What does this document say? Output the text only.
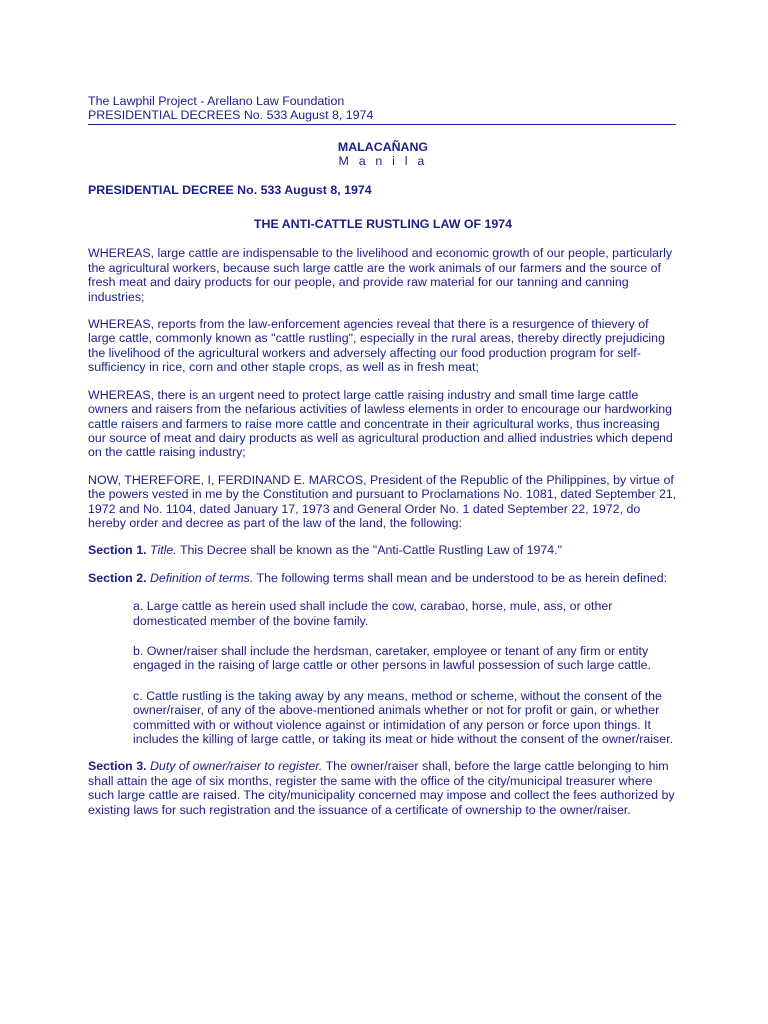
The Lawphil Project - Arellano Law Foundation
PRESIDENTIAL DECREES No. 533 August 8, 1974
MALACAÑANG
M a n i l a

PRESIDENTIAL DECREE No. 533 August 8, 1974

THE ANTI-CATTLE RUSTLING LAW OF 1974

WHEREAS, large cattle are indispensable to the livelihood and economic growth of our people, particularly the agricultural workers, because such large cattle are the work animals of our farmers and the source of fresh meat and dairy products for our people, and provide raw material for our tanning and canning industries;

WHEREAS, reports from the law-enforcement agencies reveal that there is a resurgence of thievery of large cattle, commonly known as "cattle rustling", especially in the rural areas, thereby directly prejudicing the livelihood of the agricultural workers and adversely affecting our food production program for self-sufficiency in rice, corn and other staple crops, as well as in fresh meat;

WHEREAS, there is an urgent need to protect large cattle raising industry and small time large cattle owners and raisers from the nefarious activities of lawless elements in order to encourage our hardworking cattle raisers and farmers to raise more cattle and concentrate in their agricultural works, thus increasing our source of meat and dairy products as well as agricultural production and allied industries which depend on the cattle raising industry;

NOW, THEREFORE, I, FERDINAND E. MARCOS, President of the Republic of the Philippines, by virtue of the powers vested in me by the Constitution and pursuant to Proclamations No. 1081, dated September 21, 1972 and No. 1104, dated January 17, 1973 and General Order No. 1 dated September 22, 1972, do hereby order and decree as part of the law of the land, the following:

Section 1. Title. This Decree shall be known as the "Anti-Cattle Rustling Law of 1974."

Section 2. Definition of terms. The following terms shall mean and be understood to be as herein defined:

a. Large cattle as herein used shall include the cow, carabao, horse, mule, ass, or other domesticated member of the bovine family.

b. Owner/raiser shall include the herdsman, caretaker, employee or tenant of any firm or entity engaged in the raising of large cattle or other persons in lawful possession of such large cattle.

c. Cattle rustling is the taking away by any means, method or scheme, without the consent of the owner/raiser, of any of the above-mentioned animals whether or not for profit or gain, or whether committed with or without violence against or intimidation of any person or force upon things. It includes the killing of large cattle, or taking its meat or hide without the consent of the owner/raiser.

Section 3. Duty of owner/raiser to register. The owner/raiser shall, before the large cattle belonging to him shall attain the age of six months, register the same with the office of the city/municipal treasurer where such large cattle are raised. The city/municipality concerned may impose and collect the fees authorized by existing laws for such registration and the issuance of a certificate of ownership to the owner/raiser.
